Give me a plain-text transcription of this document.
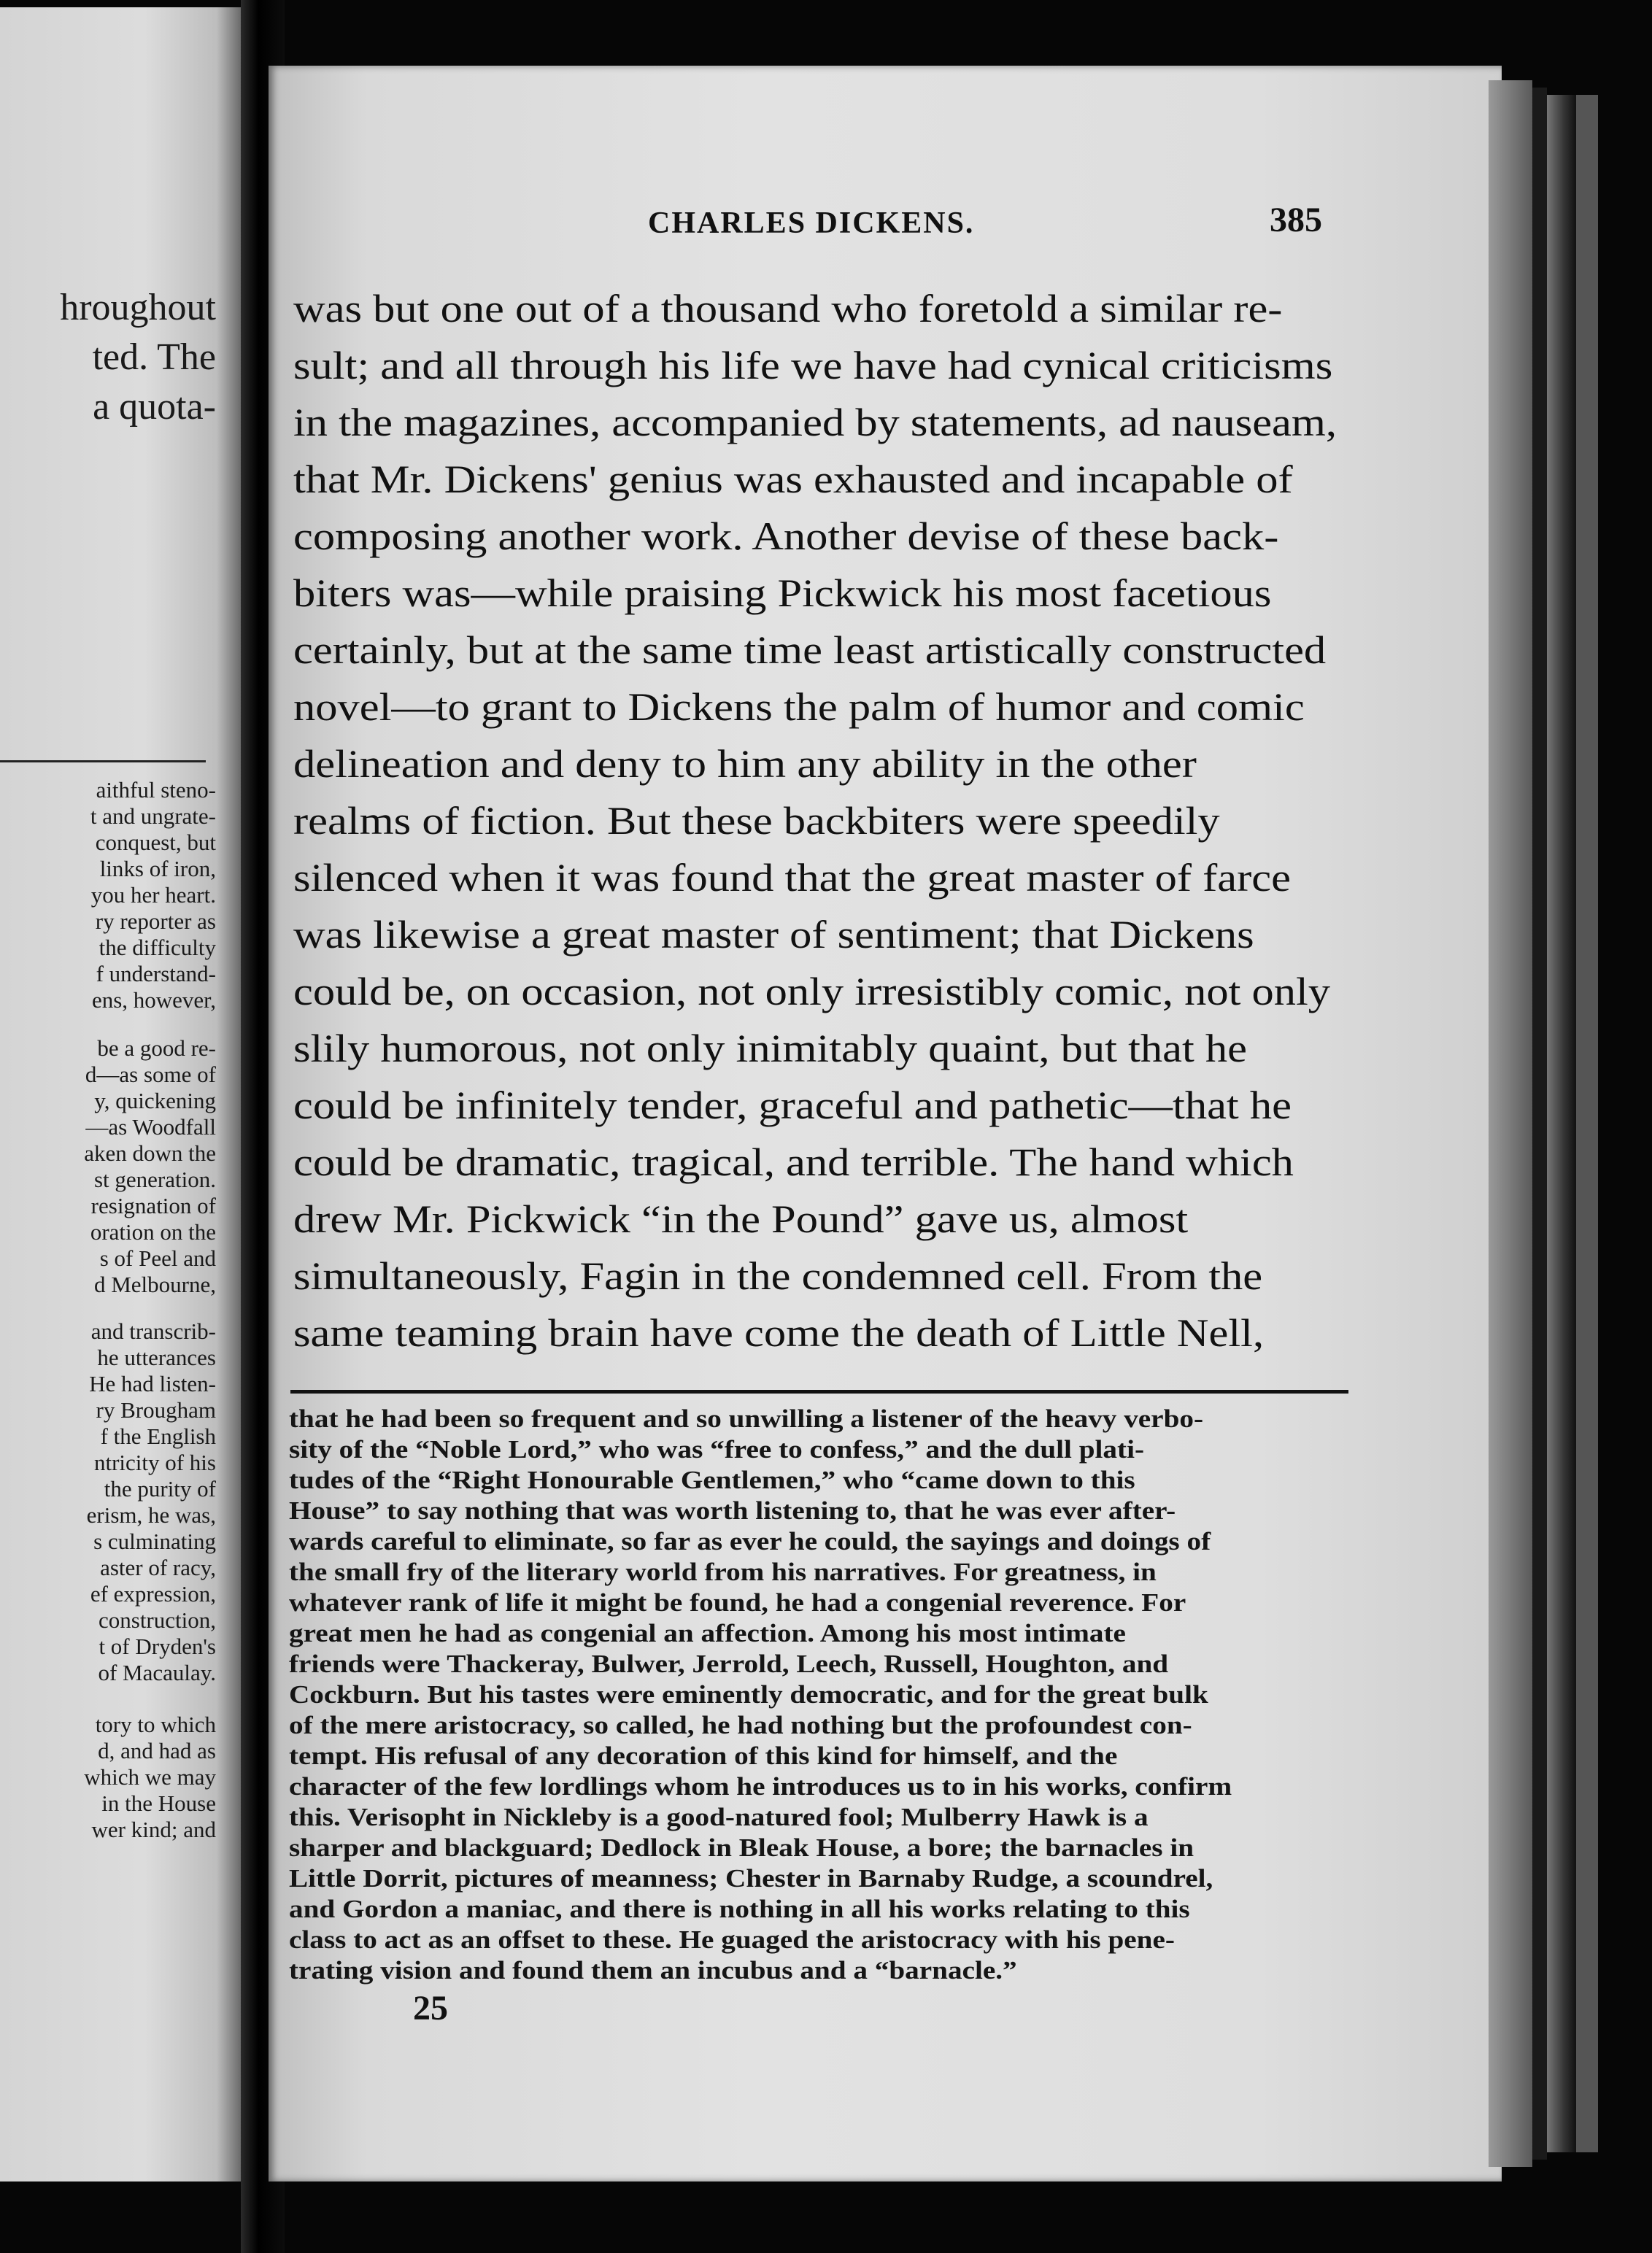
hroughout
ted. The
a quota-
aithful steno-
t and ungrate-
conquest, but
links of iron,
you her heart.
ry reporter as
the difficulty
f understand-
ens, however,
be a good re-
d—as some of
y, quickening
—as Woodfall
aken down the
st generation.
resignation of
oration on the
s of Peel and
d Melbourne,
and transcrib-
he utterances
He had listen-
ry Brougham
f the English
ntricity of his
the purity of
erism, he was,
s culminating
aster of racy,
ef expression,
construction,
t of Dryden's
of Macaulay.
tory to which
d, and had as
which we may
in the House
wer kind; and
CHARLES DICKENS.	385
was but one out of a thousand who foretold a similar re-
sult; and all through his life we have had cynical criticisms
in the magazines, accompanied by statements, ad nauseam,
that Mr. Dickens' genius was exhausted and incapable of
composing another work. Another devise of these back-
biters was—while praising Pickwick his most facetious
certainly, but at the same time least artistically constructed
novel—to grant to Dickens the palm of humor and comic
delineation and deny to him any ability in the other
realms of fiction. But these backbiters were speedily
silenced when it was found that the great master of farce
was likewise a great master of sentiment; that Dickens
could be, on occasion, not only irresistibly comic, not only
slily humorous, not only inimitably quaint, but that he
could be infinitely tender, graceful and pathetic—that he
could be dramatic, tragical, and terrible. The hand which
drew Mr. Pickwick “in the Pound” gave us, almost
simultaneously, Fagin in the condemned cell. From the
same teaming brain have come the death of Little Nell,
that he had been so frequent and so unwilling a listener of the heavy verbo-
sity of the “Noble Lord,” who was “free to confess,” and the dull plati-
tudes of the “Right Honourable Gentlemen,” who “came down to this
House” to say nothing that was worth listening to, that he was ever after-
wards careful to eliminate, so far as ever he could, the sayings and doings of
the small fry of the literary world from his narratives. For greatness, in
whatever rank of life it might be found, he had a congenial reverence. For
great men he had as congenial an affection. Among his most intimate
friends were Thackeray, Bulwer, Jerrold, Leech, Russell, Houghton, and
Cockburn. But his tastes were eminently democratic, and for the great bulk
of the mere aristocracy, so called, he had nothing but the profoundest con-
tempt. His refusal of any decoration of this kind for himself, and the
character of the few lordlings whom he introduces us to in his works, confirm
this. Verisopht in Nickleby is a good-natured fool; Mulberry Hawk is a
sharper and blackguard; Dedlock in Bleak House, a bore; the barnacles in
Little Dorrit, pictures of meanness; Chester in Barnaby Rudge, a scoundrel,
and Gordon a maniac, and there is nothing in all his works relating to this
class to act as an offset to these. He guaged the aristocracy with his pene-
trating vision and found them an incubus and a “barnacle.”
25
